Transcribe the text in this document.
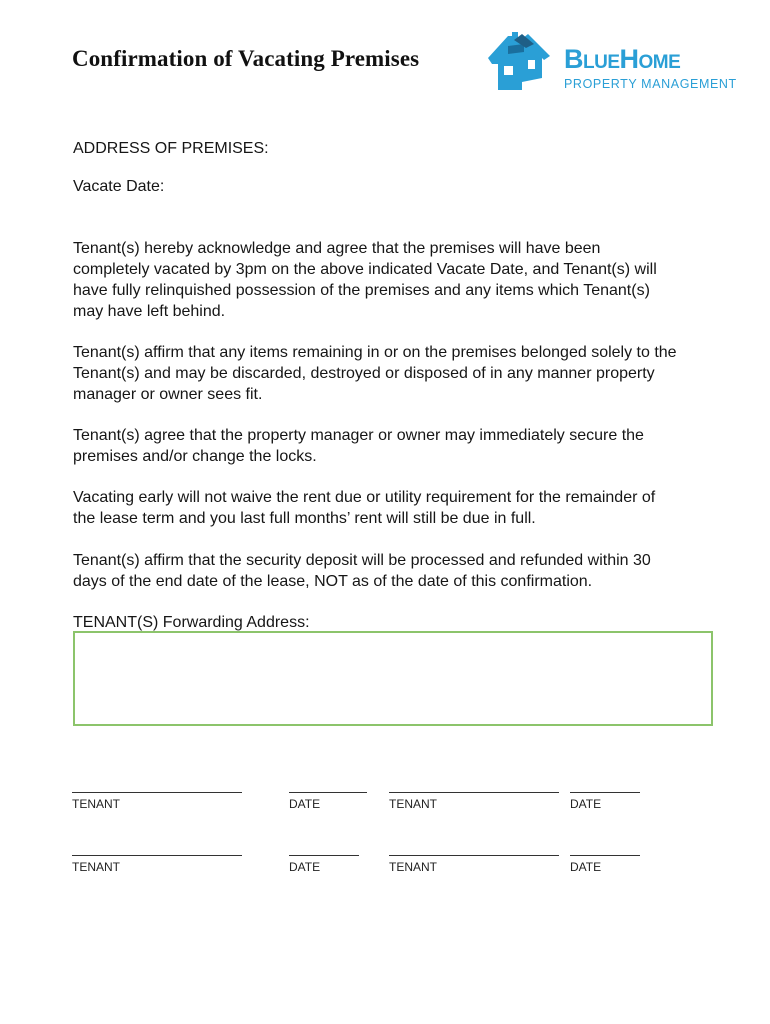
Confirmation of Vacating Premises	BlueHome
PROPERTY MANAGEMENT
ADDRESS OF PREMISES:
Vacate Date:
Tenant(s) hereby acknowledge and agree that the premises will have been
completely vacated by 3pm on the above indicated Vacate Date, and Tenant(s) will
have fully relinquished possession of the premises and any items which Tenant(s)
may have left behind.
Tenant(s) affirm that any items remaining in or on the premises belonged solely to the
Tenant(s) and may be discarded, destroyed or disposed of in any manner property
manager or owner sees fit.
Tenant(s) agree that the property manager or owner may immediately secure the
premises and/or change the locks.
Vacating early will not waive the rent due or utility requirement for the remainder of
the lease term and you last full months’ rent will still be due in full.
Tenant(s) affirm that the security deposit will be processed and refunded within 30
days of the end date of the lease, NOT as of the date of this confirmation.
TENANT(S) Forwarding Address:
TENANT	DATE	TENANT	DATE
TENANT	DATE	TENANT	DATE
